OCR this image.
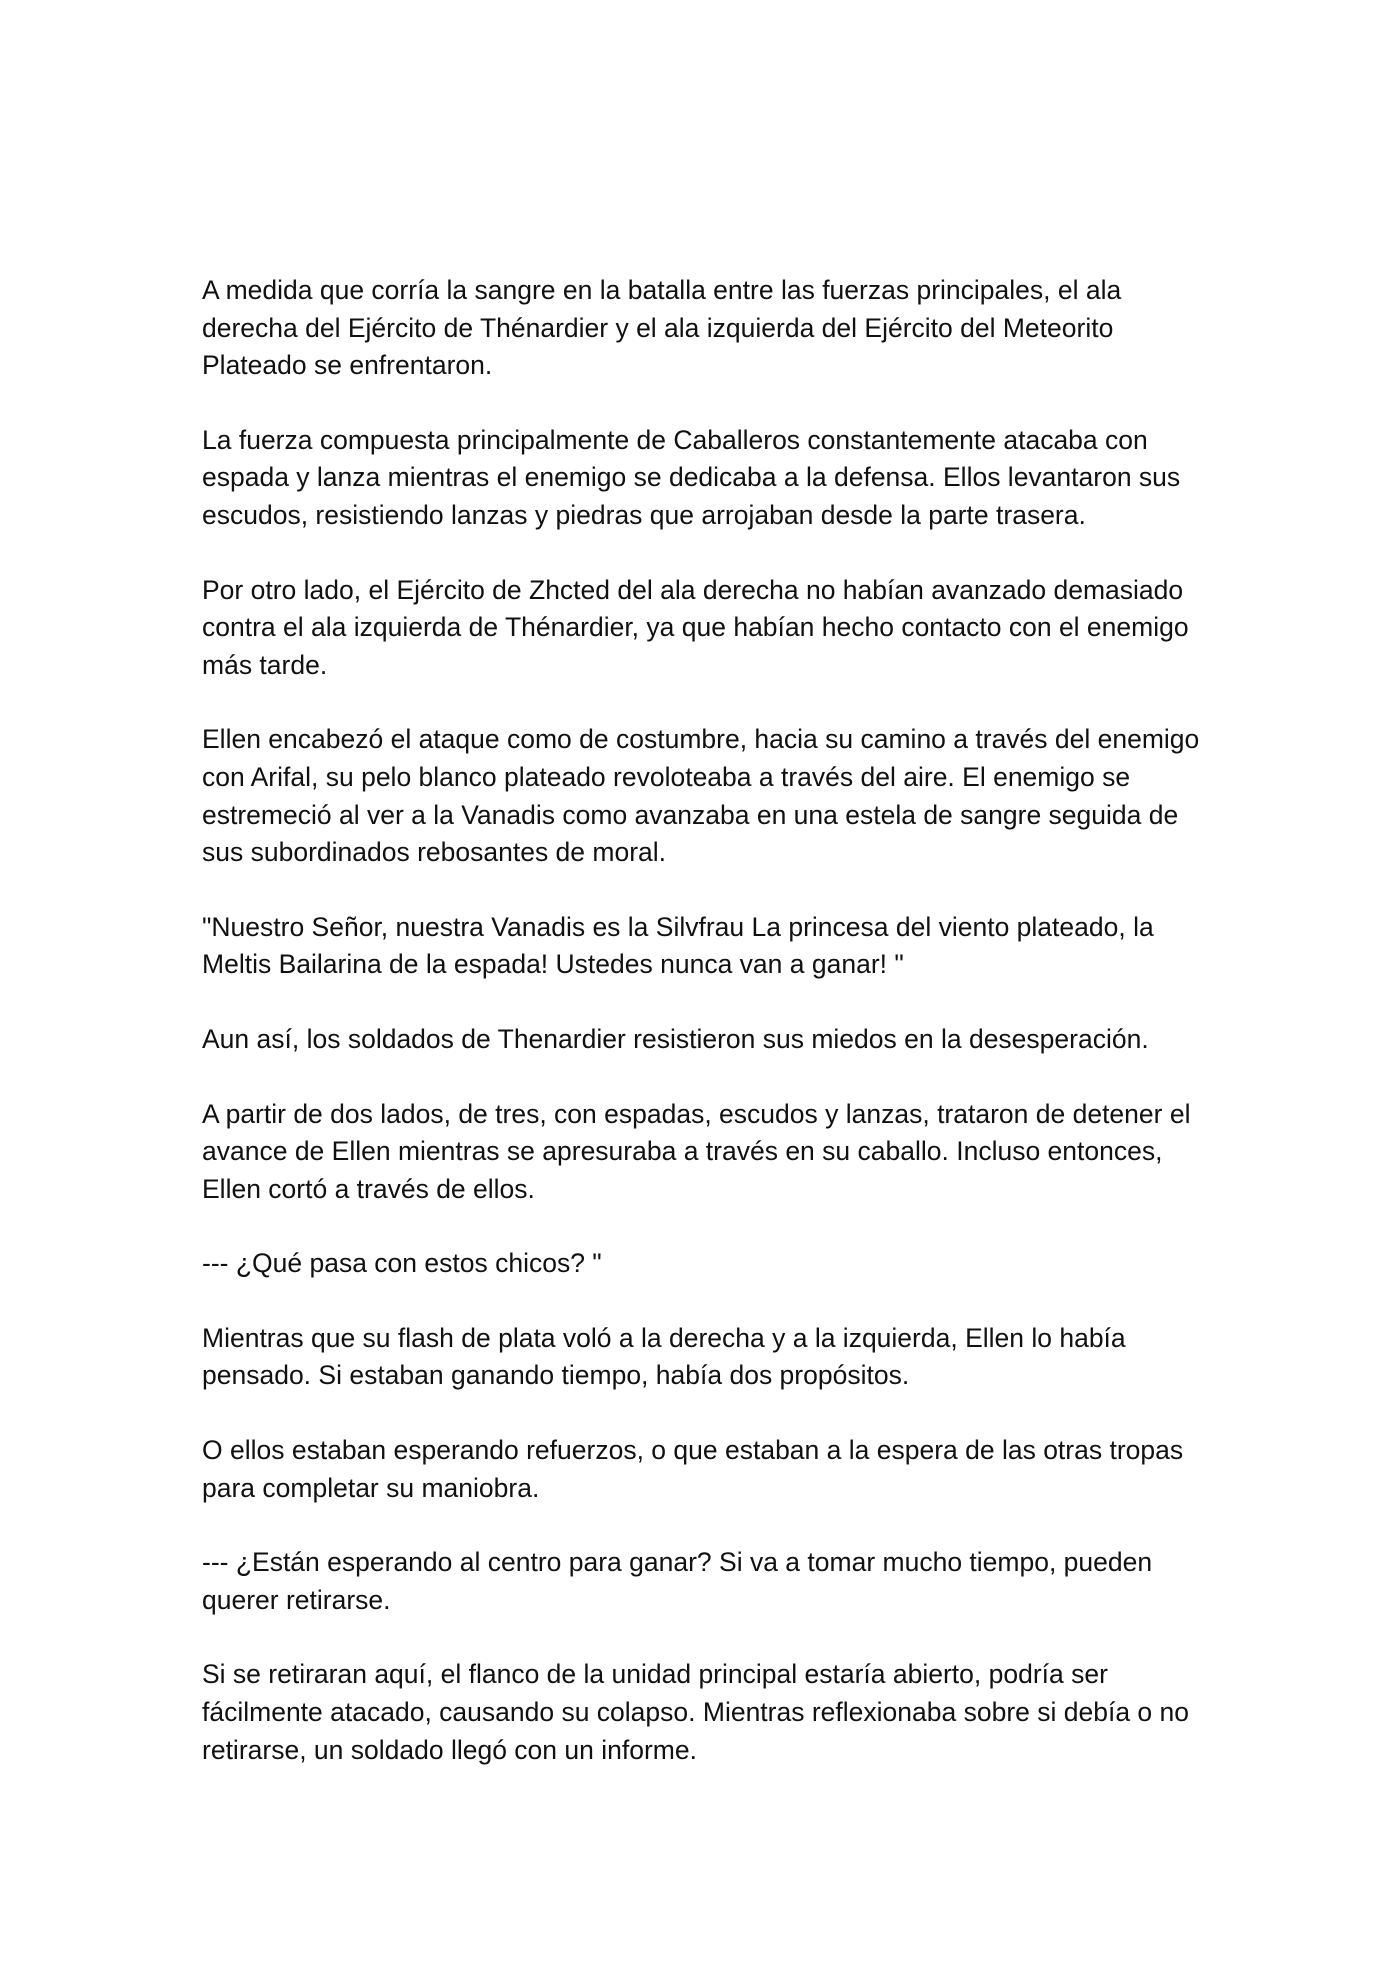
A medida que corría la sangre en la batalla entre las fuerzas principales, el ala derecha del Ejército de Thénardier y el ala izquierda del Ejército del Meteorito Plateado se enfrentaron.

La fuerza compuesta principalmente de Caballeros constantemente atacaba con espada y lanza mientras el enemigo se dedicaba a la defensa. Ellos levantaron sus escudos, resistiendo lanzas y piedras que arrojaban desde la parte trasera.

Por otro lado, el Ejército de Zhcted del ala derecha no habían avanzado demasiado contra el ala izquierda de Thénardier, ya que habían hecho contacto con el enemigo más tarde.

Ellen encabezó el ataque como de costumbre, hacia su camino a través del enemigo con Arifal, su pelo blanco plateado revoloteaba a través del aire. El enemigo se estremeció al ver a la Vanadis como avanzaba en una estela de sangre seguida de sus subordinados rebosantes de moral.

"Nuestro Señor, nuestra Vanadis es la Silvfrau La princesa del viento plateado, la Meltis Bailarina de la espada! Ustedes nunca van a ganar! "

Aun así, los soldados de Thenardier resistieron sus miedos en la desesperación.

A partir de dos lados, de tres, con espadas, escudos y lanzas, trataron de detener el avance de Ellen mientras se apresuraba a través en su caballo. Incluso entonces, Ellen cortó a través de ellos.

--- ¿Qué pasa con estos chicos? "

Mientras que su flash de plata voló a la derecha y a la izquierda, Ellen lo había pensado. Si estaban ganando tiempo, había dos propósitos.

O ellos estaban esperando refuerzos, o que estaban a la espera de las otras tropas para completar su maniobra.

--- ¿Están esperando al centro para ganar? Si va a tomar mucho tiempo, pueden querer retirarse.

Si se retiraran aquí, el flanco de la unidad principal estaría abierto, podría ser fácilmente atacado, causando su colapso. Mientras reflexionaba sobre si debía o no retirarse, un soldado llegó con un informe.
